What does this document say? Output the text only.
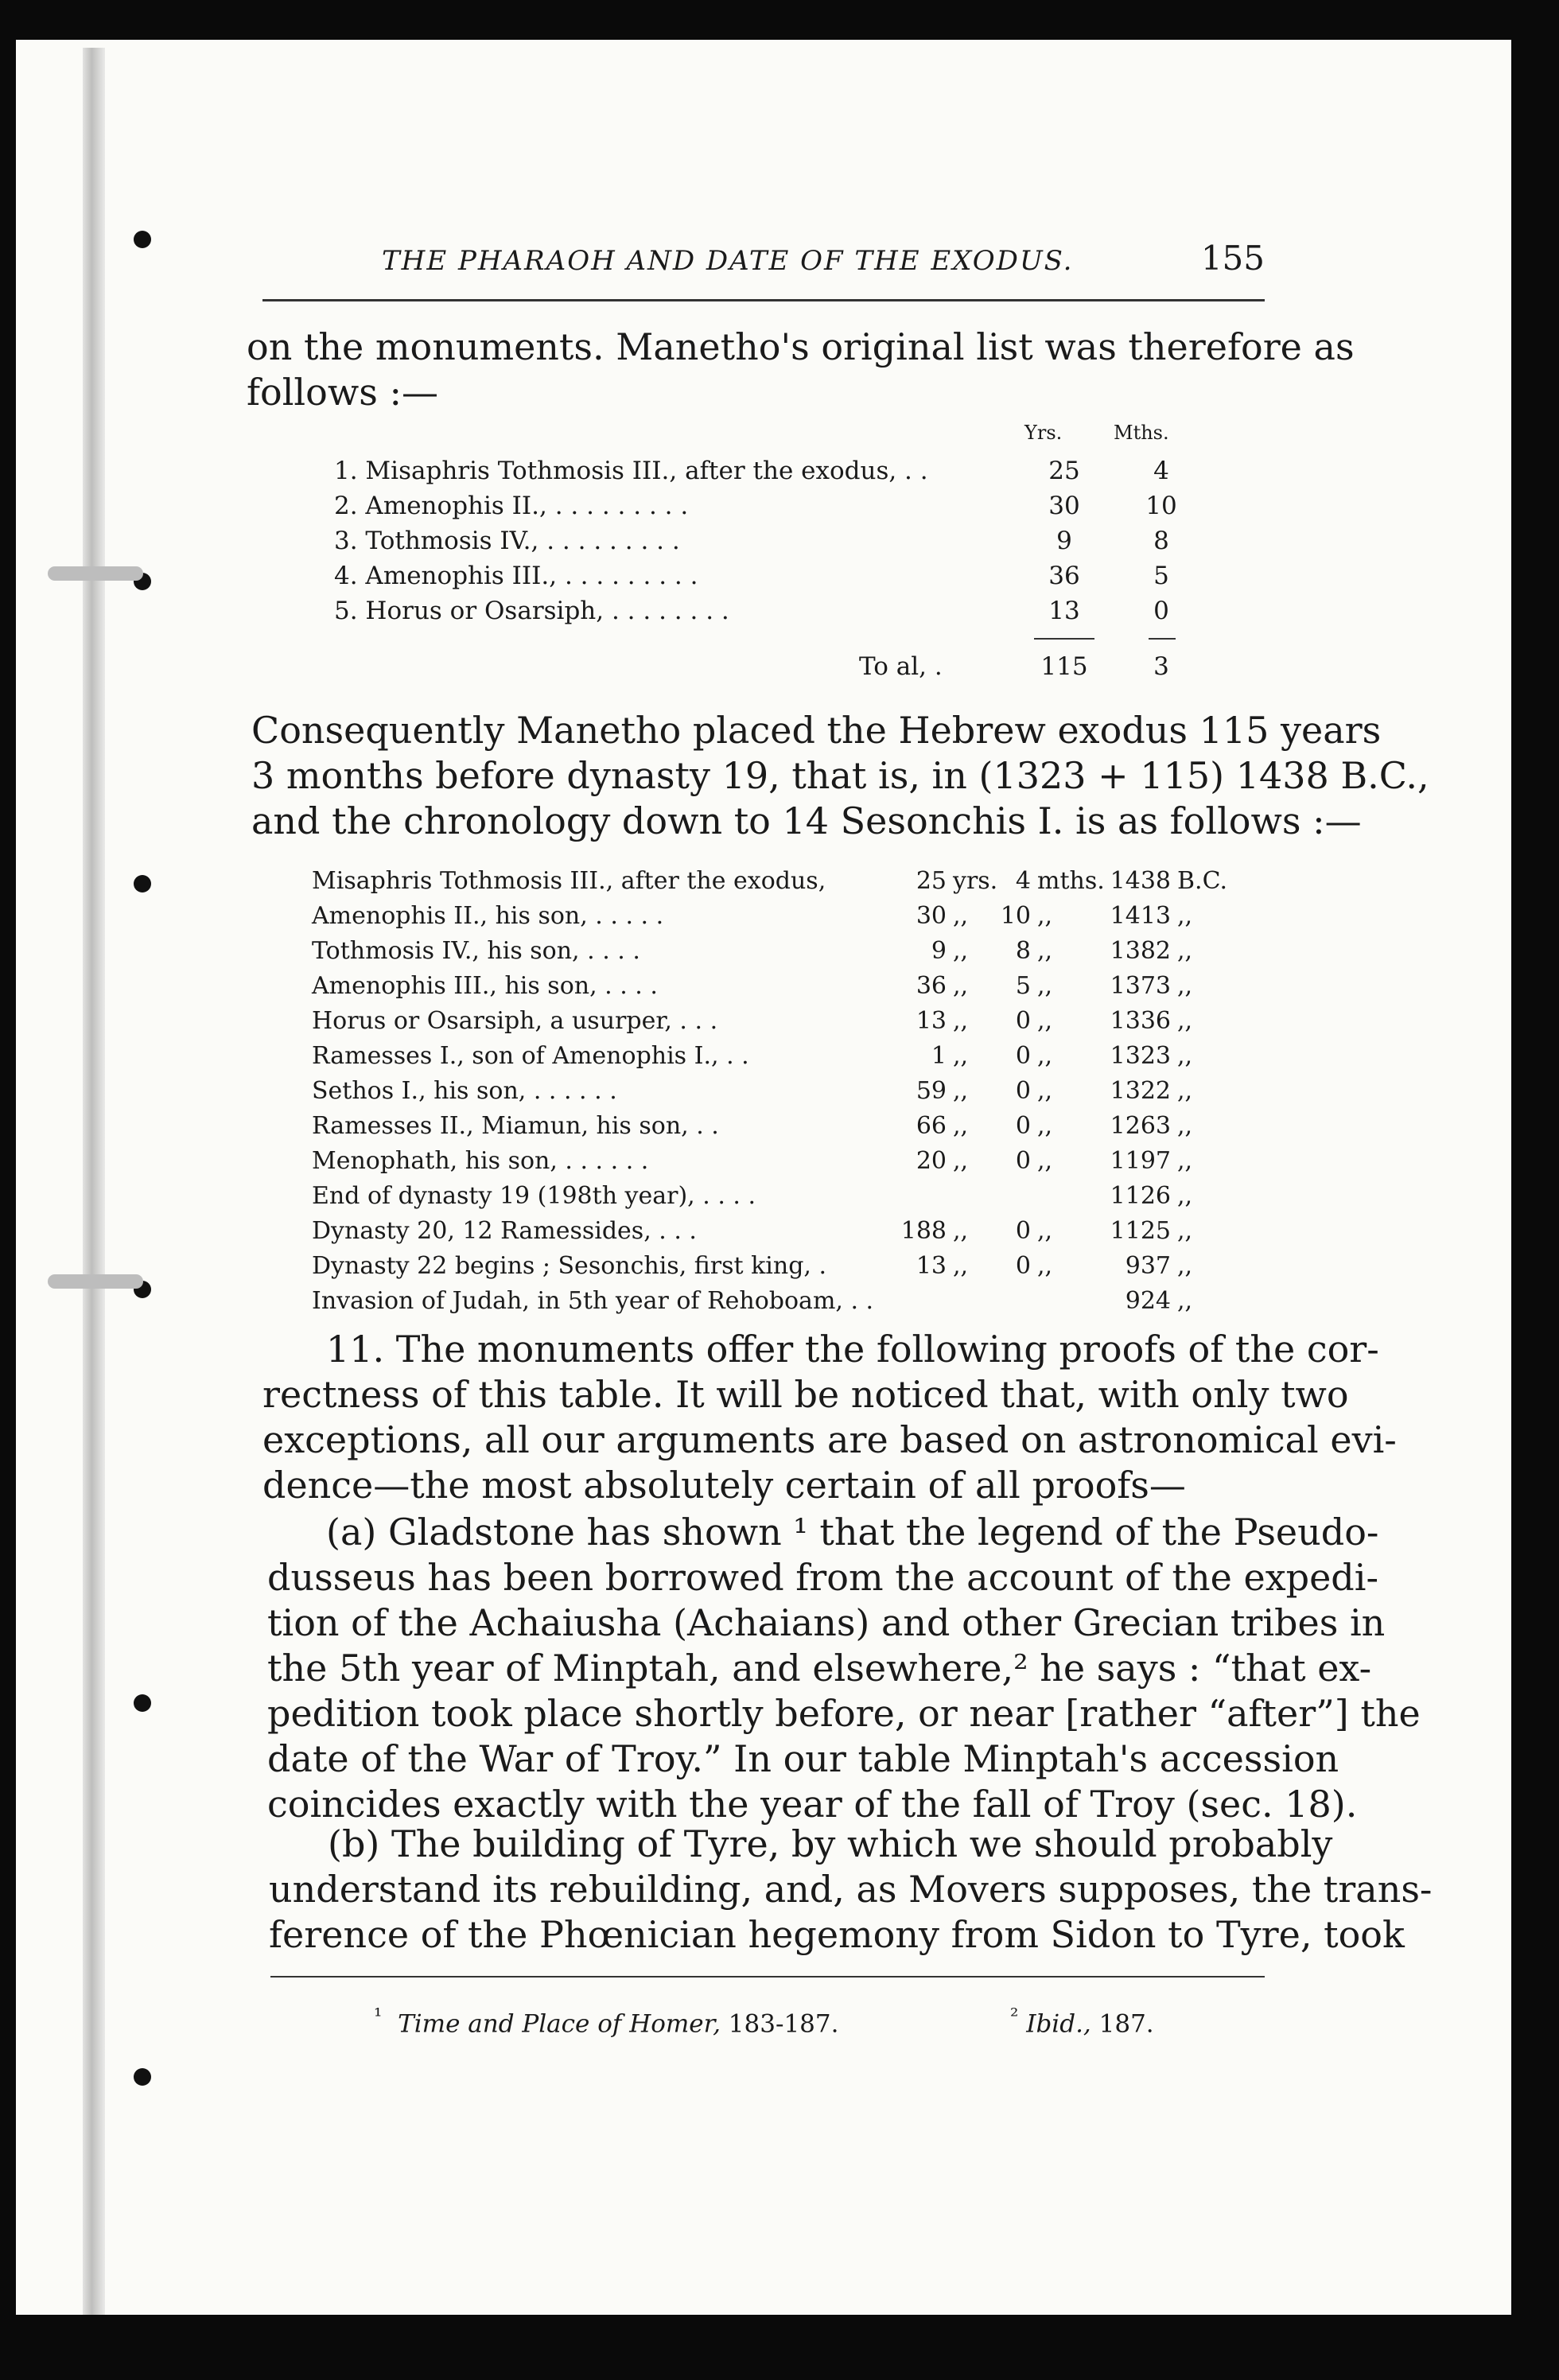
THE PHARAOH AND DATE OF THE EXODUS.	155

on the monuments. Manetho's original list was therefore as
follows :—

Yrs.	Mths.
1. Misaphris Tothmosis III., after the exodus, . .	25	4
2. Amenophis II., . . . . . . . . .	30	10
3. Tothmosis IV., . . . . . . . . .	9	8
4. Amenophis III., . . . . . . . . .	36	5
5. Horus or Osarsiph, . . . . . . . .	13	0
To al, .	115	3

Consequently Manetho placed the Hebrew exodus 115 years
3 months before dynasty 19, that is, in (1323 + 115) 1438 B.C.,
and the chronology down to 14 Sesonchis I. is as follows :—

Misaphris Tothmosis III., after the exodus,	25 yrs. 4 mths. 1438 B.C.
Amenophis II., his son, . . . . .	30 ,,	10 ,,	1413 ,,
Tothmosis IV., his son, . . . .	9 ,,	8 ,,	1382 ,,
Amenophis III., his son, . . . .	36 ,,	5 ,,	1373 ,,
Horus or Osarsiph, a usurper, . . .	13 ,,	0 ,,	1336 ,,
Ramesses I., son of Amenophis I., . .	1 ,,	0 ,,	1323 ,,
Sethos I., his son, . . . . . .	59 ,,	0 ,,	1322 ,,
Ramesses II., Miamun, his son, . .	66 ,,	0 ,,	1263 ,,
Menophath, his son, . . . . . .	20 ,,	0 ,,	1197 ,,
End of dynasty 19 (198th year), . . . .	1126 ,,
Dynasty 20, 12 Ramessides, . . .	188 ,,	0 ,,	1125 ,,
Dynasty 22 begins ; Sesonchis, first king, .	13 ,,	0 ,,	937 ,,
Invasion of Judah, in 5th year of Rehoboam, . .	924 ,,

11. The monuments offer the following proofs of the cor-
rectness of this table. It will be noticed that, with only two
exceptions, all our arguments are based on astronomical evi-
dence—the most absolutely certain of all proofs—

(a) Gladstone has shown ¹ that the legend of the Pseudo-
dusseus has been borrowed from the account of the expedi-
tion of the Achaiusha (Achaians) and other Grecian tribes in
the 5th year of Minptah, and elsewhere,² he says : “that ex-
pedition took place shortly before, or near [rather “after”] the
date of the War of Troy.” In our table Minptah's accession
coincides exactly with the year of the fall of Troy (sec. 18).

(b) The building of Tyre, by which we should probably
understand its rebuilding, and, as Movers supposes, the trans-
ference of the Phœnician hegemony from Sidon to Tyre, took

$^{^1}$ Time and Place of Homer, 183-187.	$^{^2}$ Ibid., 187.
